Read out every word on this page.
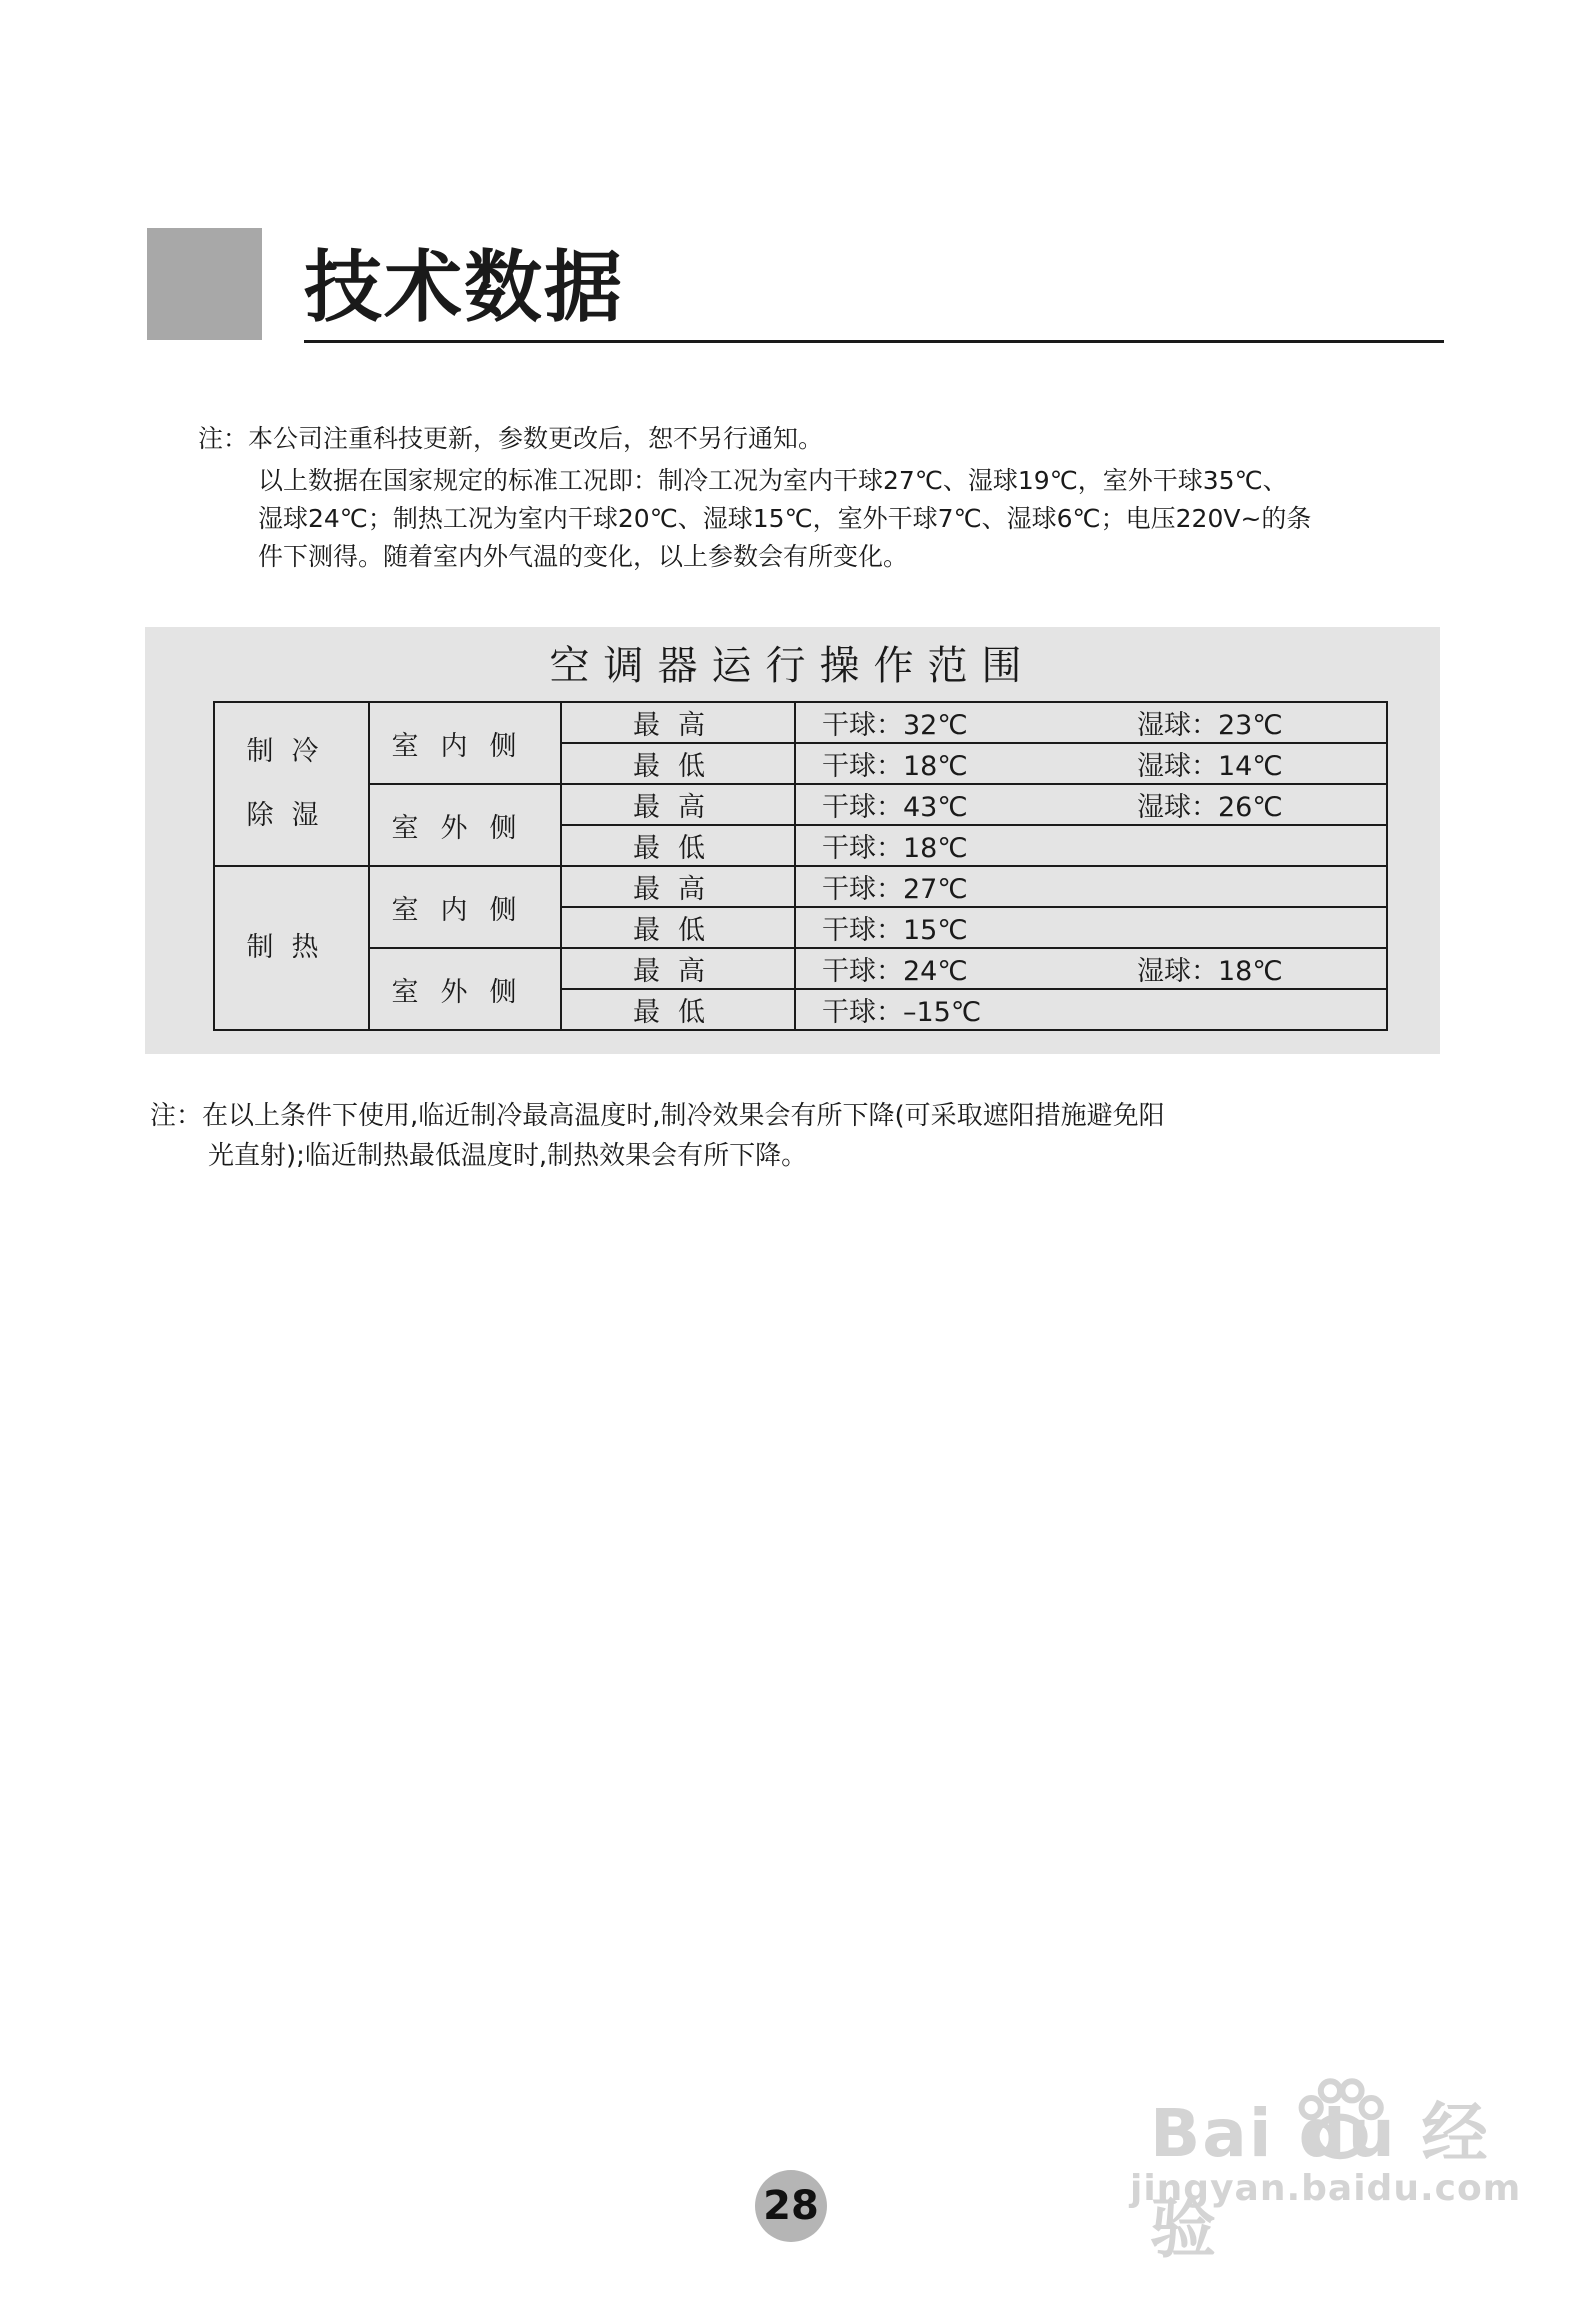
技术数据
注：本公司注重科技更新，参数更改后，恕不另行通知。
以上数据在国家规定的标准工况即：制冷工况为室内干球27℃、湿球19℃，室外干球35℃、
湿球24℃；制热工况为室内干球20℃、湿球15℃，室外干球7℃、湿球6℃；电压220V~的条
件下测得。随着室内外气温的变化，以上参数会有所变化。
空调器运行操作范围
制冷
除湿	室内侧	最高	干球：32℃ 湿球：23℃
		最低	干球：18℃ 湿球：14℃
	室外侧	最高	干球：43℃ 湿球：26℃
		最低	干球：18℃
制热	室内侧	最高	干球：27℃
		最低	干球：15℃
	室外侧	最高	干球：24℃ 湿球：18℃
		最低	干球：–15℃
注：在以上条件下使用,临近制冷最高温度时,制冷效果会有所下降(可采取遮阳措施避免阳
光直射);临近制热最低温度时,制热效果会有所下降。
Bai du 经验
jingyan.baidu.com
28
